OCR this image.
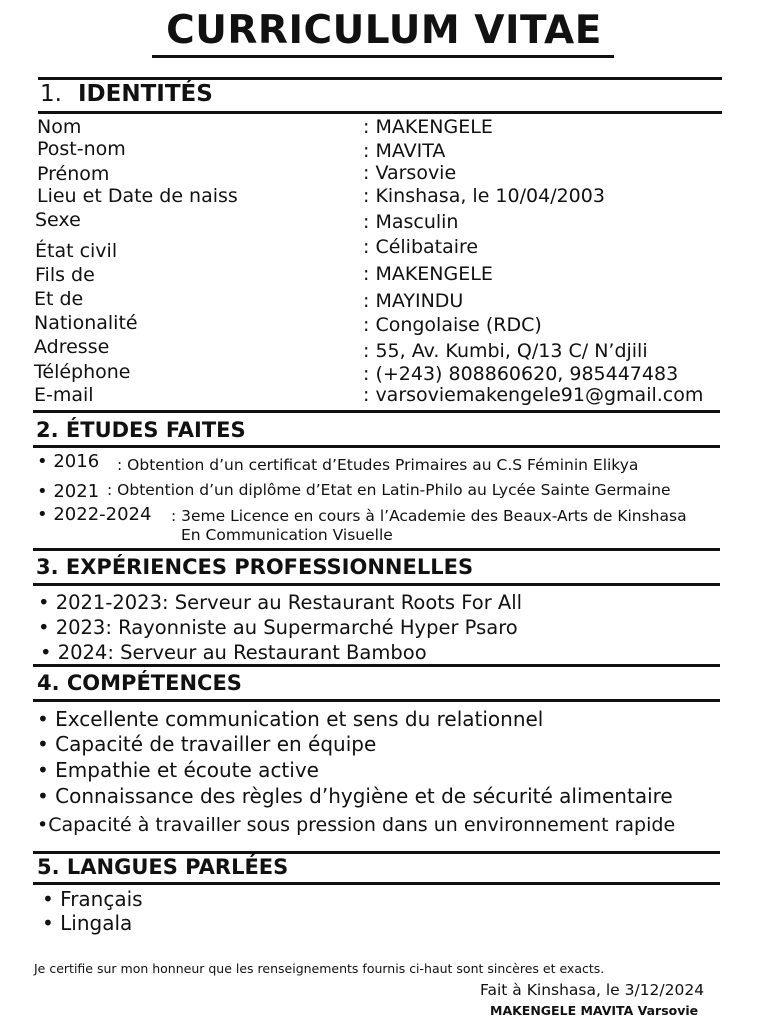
CURRICULUM VITAE
1. IDENTITÉS
Nom	: MAKENGELE
Post-nom	: MAVITA
Prénom	: Varsovie
Lieu et Date de naiss	: Kinshasa, le 10/04/2003
Sexe	: Masculin
État civil	: Célibataire
Fils de	: MAKENGELE
Et de	: MAYINDU
Nationalité	: Congolaise (RDC)
Adresse	: 55, Av. Kumbi, Q/13 C/ N’djili
Téléphone	: (+243) 808860620, 985447483
E-mail	: varsoviemakengele91@gmail.com
2. ÉTUDES FAITES
• 2016 : Obtention d’un certificat d’Etudes Primaires au C.S Féminin Elikya
• 2021 : Obtention d’un diplôme d’Etat en Latin-Philo au Lycée Sainte Germaine
• 2022-2024 : 3eme Licence en cours à l’Academie des Beaux-Arts de Kinshasa
En Communication Visuelle
3. EXPÉRIENCES PROFESSIONNELLES
• 2021-2023: Serveur au Restaurant Roots For All
• 2023: Rayonniste au Supermarché Hyper Psaro
• 2024: Serveur au Restaurant Bamboo
4. COMPÉTENCES
• Excellente communication et sens du relationnel
• Capacité de travailler en équipe
• Empathie et écoute active
• Connaissance des règles d’hygiène et de sécurité alimentaire
•Capacité à travailler sous pression dans un environnement rapide
5. LANGUES PARLÉES
• Français
• Lingala
Je certifie sur mon honneur que les renseignements fournis ci-haut sont sincères et exacts.
Fait à Kinshasa, le 3/12/2024
MAKENGELE MAVITA Varsovie
